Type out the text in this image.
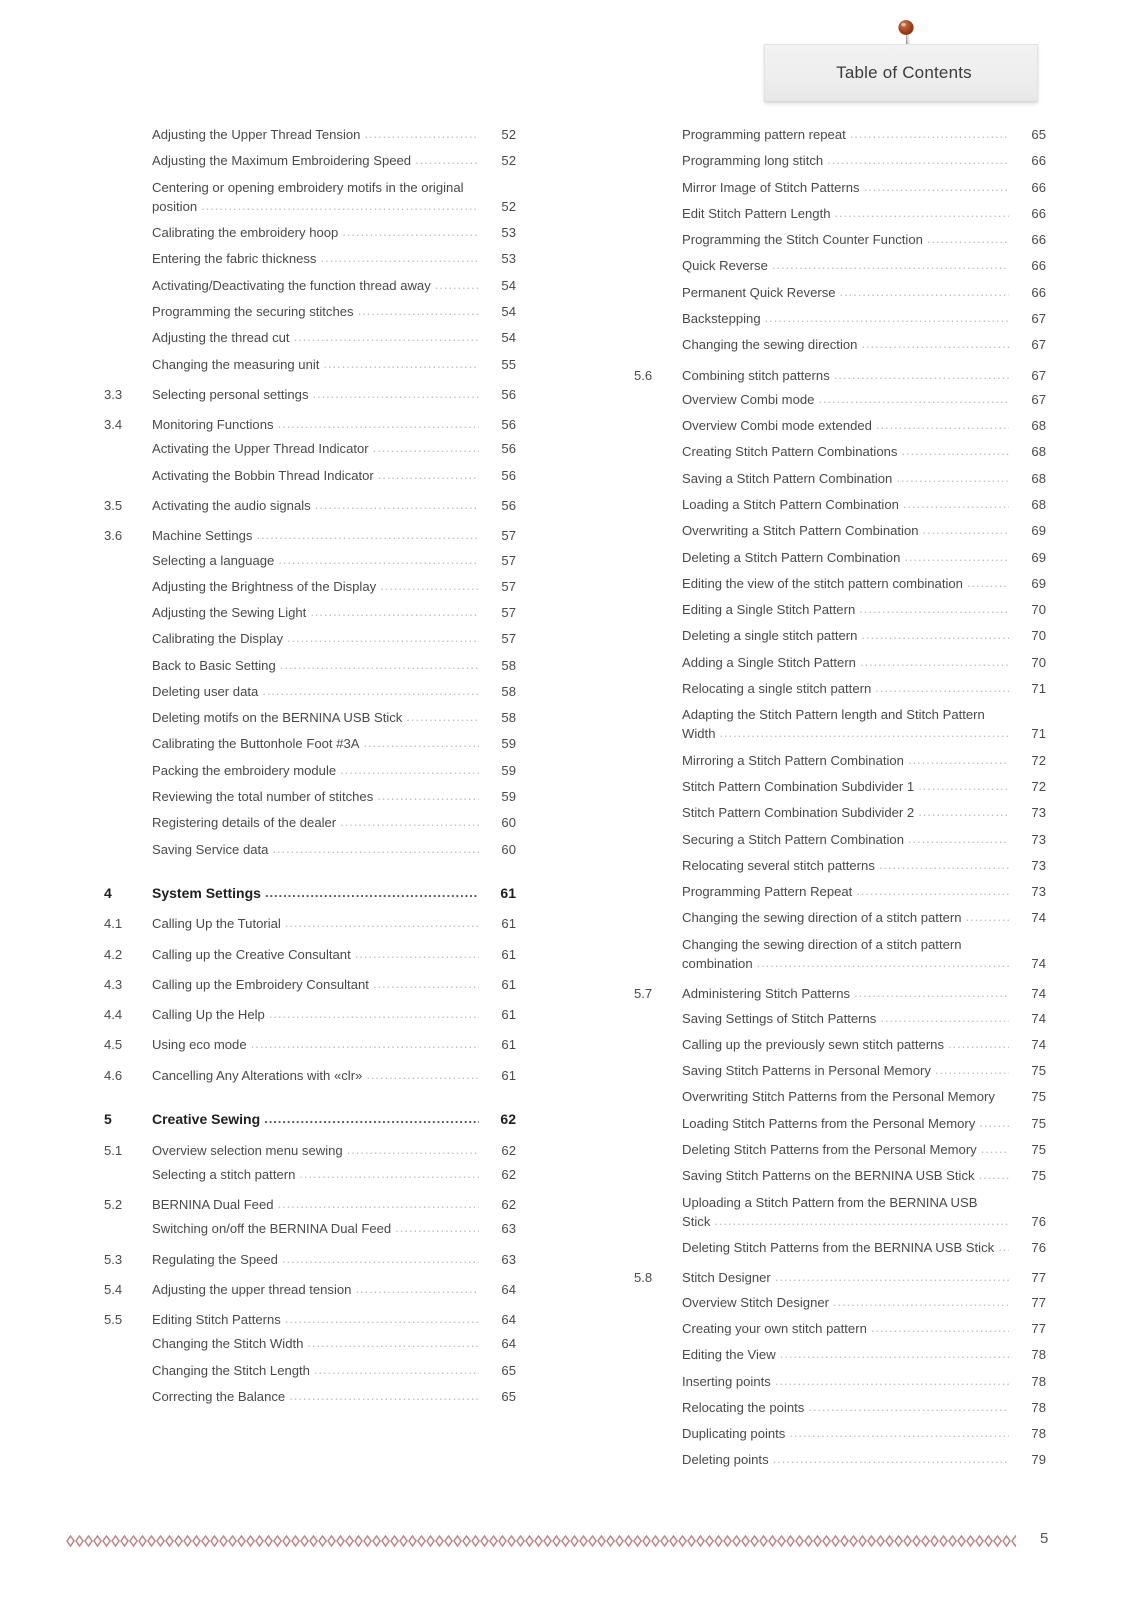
Table of Contents
Adjusting the Upper Thread Tension .....	52
Adjusting the Maximum Embroidering Speed .....	52
Centering or opening embroidery motifs in the original
position .....	52
Calibrating the embroidery hoop .....	53
Entering the fabric thickness .....	53
Activating/Deactivating the function thread away .....	54
Programming the securing stitches .....	54
Adjusting the thread cut .....	54
Changing the measuring unit .....	55
3.3	Selecting personal settings .....	56
3.4	Monitoring Functions .....	56
Activating the Upper Thread Indicator .....	56
Activating the Bobbin Thread Indicator .....	56
3.5	Activating the audio signals .....	56
3.6	Machine Settings .....	57
Selecting a language .....	57
Adjusting the Brightness of the Display .....	57
Adjusting the Sewing Light .....	57
Calibrating the Display .....	57
Back to Basic Setting .....	58
Deleting user data .....	58
Deleting motifs on the BERNINA USB Stick .....	58
Calibrating the Buttonhole Foot #3A .....	59
Packing the embroidery module .....	59
Reviewing the total number of stitches .....	59
Registering details of the dealer .....	60
Saving Service data .....	60
4	System Settings .....	61
4.1	Calling Up the Tutorial .....	61
4.2	Calling up the Creative Consultant .....	61
4.3	Calling up the Embroidery Consultant .....	61
4.4	Calling Up the Help .....	61
4.5	Using eco mode .....	61
4.6	Cancelling Any Alterations with «clr» .....	61
5	Creative Sewing .....	62
5.1	Overview selection menu sewing .....	62
Selecting a stitch pattern .....	62
5.2	BERNINA Dual Feed .....	62
Switching on/off the BERNINA Dual Feed .....	63
5.3	Regulating the Speed .....	63
5.4	Adjusting the upper thread tension .....	64
5.5	Editing Stitch Patterns .....	64
Changing the Stitch Width .....	64
Changing the Stitch Length .....	65
Correcting the Balance .....	65
Programming pattern repeat .....	65
Programming long stitch .....	66
Mirror Image of Stitch Patterns .....	66
Edit Stitch Pattern Length .....	66
Programming the Stitch Counter Function .....	66
Quick Reverse .....	66
Permanent Quick Reverse .....	66
Backstepping .....	67
Changing the sewing direction .....	67
5.6	Combining stitch patterns .....	67
Overview Combi mode .....	67
Overview Combi mode extended .....	68
Creating Stitch Pattern Combinations .....	68
Saving a Stitch Pattern Combination .....	68
Loading a Stitch Pattern Combination .....	68
Overwriting a Stitch Pattern Combination .....	69
Deleting a Stitch Pattern Combination .....	69
Editing the view of the stitch pattern combination .....	69
Editing a Single Stitch Pattern .....	70
Deleting a single stitch pattern .....	70
Adding a Single Stitch Pattern .....	70
Relocating a single stitch pattern .....	71
Adapting the Stitch Pattern length and Stitch Pattern
Width .....	71
Mirroring a Stitch Pattern Combination .....	72
Stitch Pattern Combination Subdivider 1 .....	72
Stitch Pattern Combination Subdivider 2 .....	73
Securing a Stitch Pattern Combination .....	73
Relocating several stitch patterns .....	73
Programming Pattern Repeat .....	73
Changing the sewing direction of a stitch pattern .....	74
Changing the sewing direction of a stitch pattern
combination .....	74
5.7	Administering Stitch Patterns .....	74
Saving Settings of Stitch Patterns .....	74
Calling up the previously sewn stitch patterns .....	74
Saving Stitch Patterns in Personal Memory .....	75
Overwriting Stitch Patterns from the Personal Memory	75
Loading Stitch Patterns from the Personal Memory .....	75
Deleting Stitch Patterns from the Personal Memory .....	75
Saving Stitch Patterns on the BERNINA USB Stick .....	75
Uploading a Stitch Pattern from the BERNINA USB
Stick .....	76
Deleting Stitch Patterns from the BERNINA USB Stick .....	76
5.8	Stitch Designer .....	77
Overview Stitch Designer .....	77
Creating your own stitch pattern .....	77
Editing the View .....	78
Inserting points .....	78
Relocating the points .....	78
Duplicating points .....	78
Deleting points .....	79
5
